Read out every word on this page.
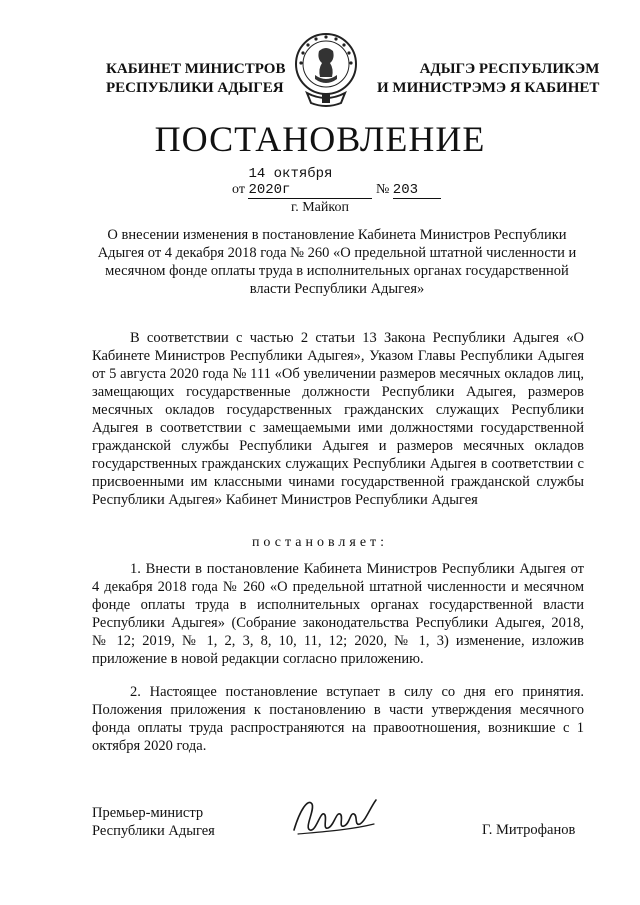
КАБИНЕТ МИНИСТРОВ
РЕСПУБЛИКИ АДЫГЕЯ
АДЫГЭ РЕСПУБЛИКЭМ
И МИНИСТРЭМЭ Я КАБИНЕТ
ПОСТАНОВЛЕНИЕ
от 14 октября 2020г	№ 203
г. Майкоп
О внесении изменения в постановление Кабинета Министров Республики Адыгея от 4 декабря 2018 года № 260 «О предельной штатной численности и месячном фонде оплаты труда в исполнительных органах государственной власти Республики Адыгея»

В соответствии с частью 2 статьи 13 Закона Республики Адыгея «О Кабинете Министров Республики Адыгея», Указом Главы Республики Адыгея от 5 августа 2020 года № 111 «Об увеличении размеров месячных окладов лиц, замещающих государственные должности Республики Адыгея, размеров месячных окладов государственных гражданских служащих Республики Адыгея в соответствии с замещаемыми ими должностями государственной гражданской службы Республики Адыгея и размеров месячных окладов государственных гражданских служащих Республики Адыгея в соответствии с присвоенными им классными чинами государственной гражданской службы Республики Адыгея» Кабинет Министров Республики Адыгея

постановляет:

1. Внести в постановление Кабинета Министров Республики Адыгея от 4 декабря 2018 года № 260 «О предельной штатной численности и месячном фонде оплаты труда в исполнительных органах государственной власти Республики Адыгея» (Собрание законодательства Республики Адыгея, 2018, № 12; 2019, № 1, 2, 3, 8, 10, 11, 12; 2020, № 1, 3) изменение, изложив приложение в новой редакции согласно приложению.

2. Настоящее постановление вступает в силу со дня его принятия. Положения приложения к постановлению в части утверждения месячного фонда оплаты труда распространяются на правоотношения, возникшие с 1 октября 2020 года.

Премьер-министр
Республики Адыгея	Г. Митрофанов
